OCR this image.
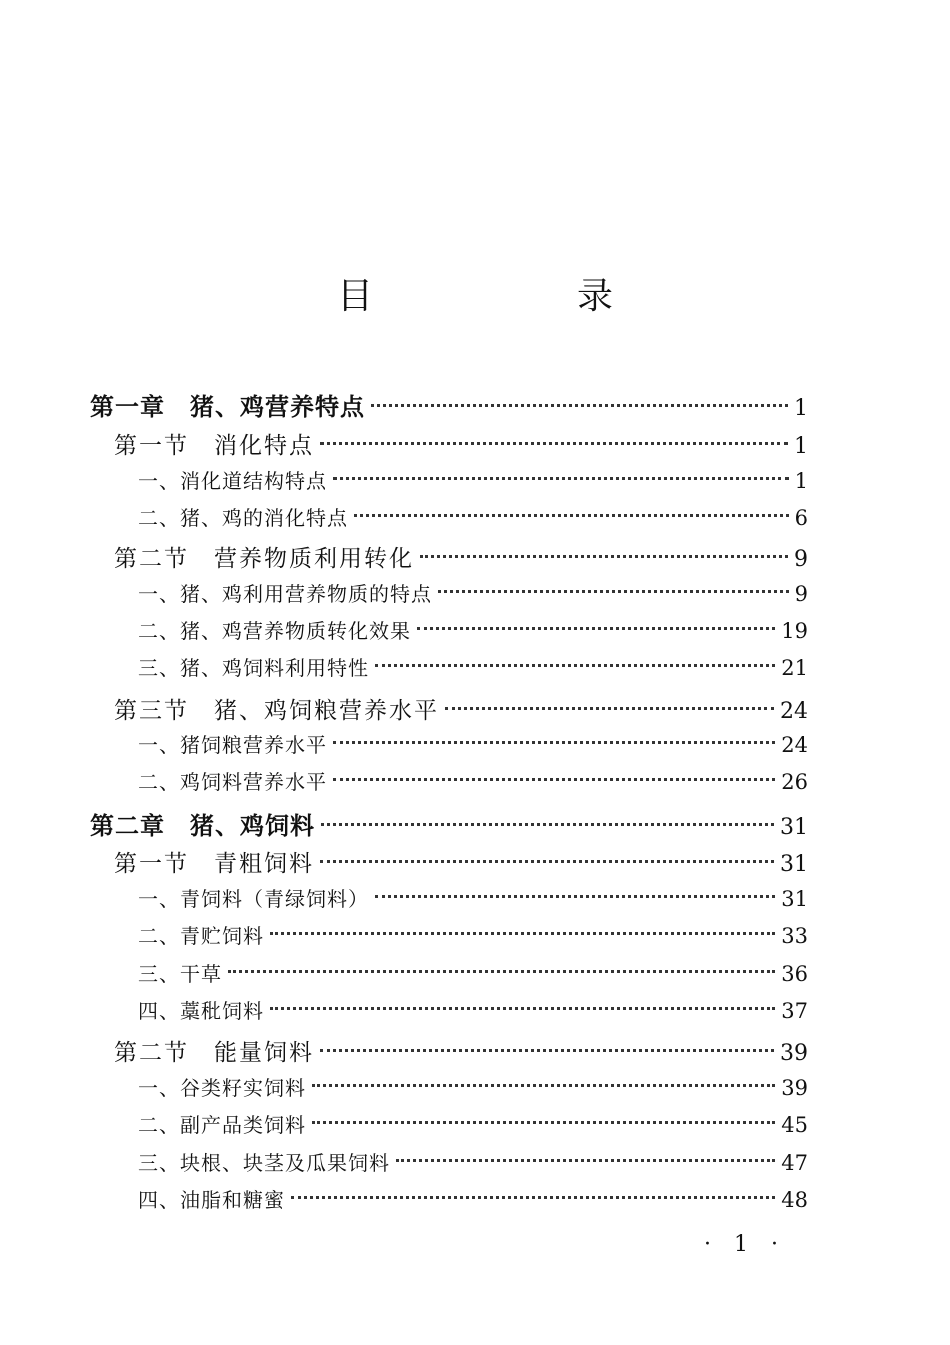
目　录
第一章　猪、鸡营养特点	1
第一节　消化特点	1
一、消化道结构特点	1
二、猪、鸡的消化特点	6
第二节　营养物质利用转化	9
一、猪、鸡利用营养物质的特点	9
二、猪、鸡营养物质转化效果	19
三、猪、鸡饲料利用特性	21
第三节　猪、鸡饲粮营养水平	24
一、猪饲粮营养水平	24
二、鸡饲料营养水平	26
第二章　猪、鸡饲料	31
第一节　青粗饲料	31
一、青饲料（青绿饲料）	31
二、青贮饲料	33
三、干草	36
四、藁秕饲料	37
第二节　能量饲料	39
一、谷类籽实饲料	39
二、副产品类饲料	45
三、块根、块茎及瓜果饲料	47
四、油脂和糖蜜	48
· 1 ·
